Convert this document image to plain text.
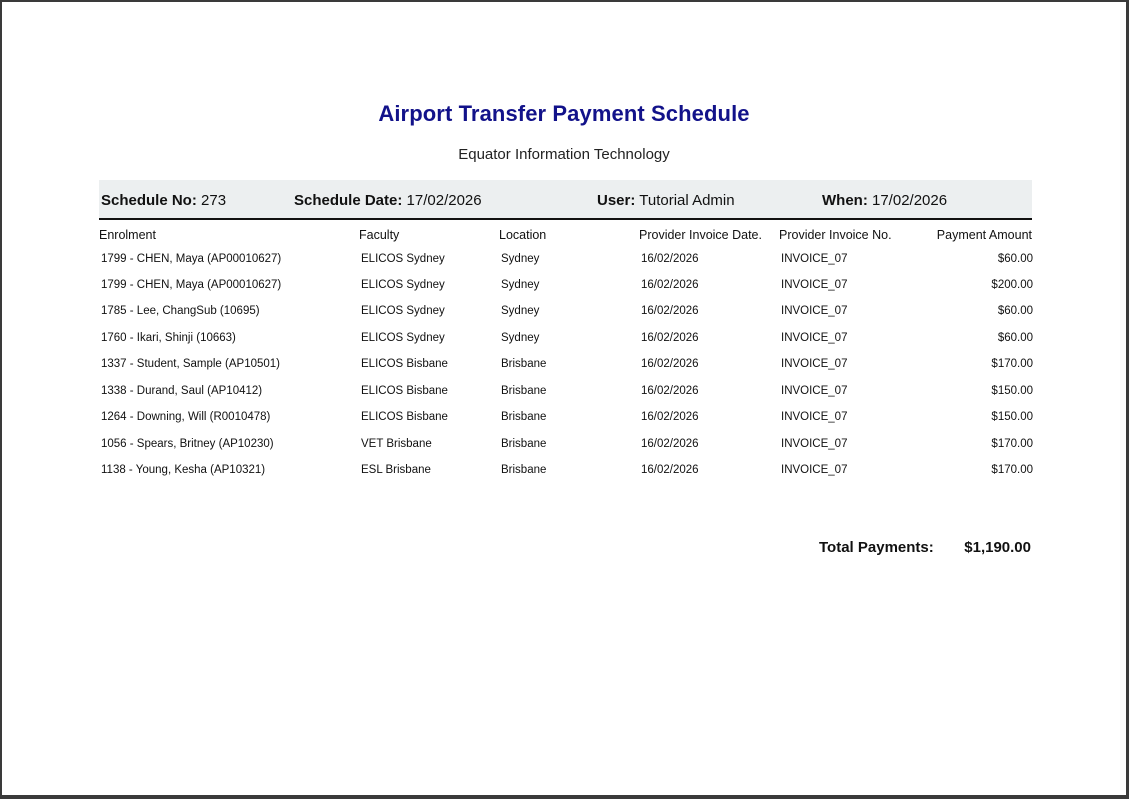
Airport Transfer Payment Schedule
Equator Information Technology
Schedule No: 273	Schedule Date: 17/02/2026	User: Tutorial Admin	When: 17/02/2026
Enrolment	Faculty	Location	Provider Invoice Date. Provider Invoice No.	Payment Amount
1799 - CHEN, Maya (AP00010627)	ELICOS Sydney	Sydney	16/02/2026	INVOICE_07	$60.00
1799 - CHEN, Maya (AP00010627)	ELICOS Sydney	Sydney	16/02/2026	INVOICE_07	$200.00
1785 - Lee, ChangSub (10695)	ELICOS Sydney	Sydney	16/02/2026	INVOICE_07	$60.00
1760 - Ikari, Shinji (10663)	ELICOS Sydney	Sydney	16/02/2026	INVOICE_07	$60.00
1337 - Student, Sample (AP10501)	ELICOS Bisbane	Brisbane	16/02/2026	INVOICE_07	$170.00
1338 - Durand, Saul (AP10412)	ELICOS Bisbane	Brisbane	16/02/2026	INVOICE_07	$150.00
1264 - Downing, Will (R0010478)	ELICOS Bisbane	Brisbane	16/02/2026	INVOICE_07	$150.00
1056 - Spears, Britney (AP10230)	VET Brisbane	Brisbane	16/02/2026	INVOICE_07	$170.00
1138 - Young, Kesha (AP10321)	ESL Brisbane	Brisbane	16/02/2026	INVOICE_07	$170.00
Total Payments:	$1,190.00
